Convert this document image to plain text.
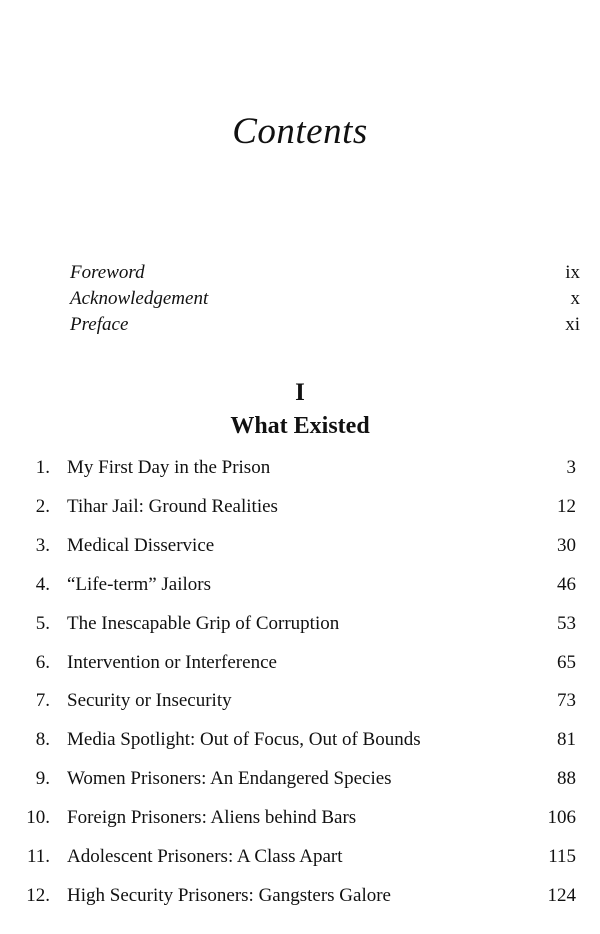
Contents
Foreword	ix
Acknowledgement	x
Preface	xi
I
What Existed
1. My First Day in the Prison	3
2. Tihar Jail: Ground Realities	12
3. Medical Disservice	30
4. “Life-term” Jailors	46
5. The Inescapable Grip of Corruption	53
6. Intervention or Interference	65
7. Security or Insecurity	73
8. Media Spotlight: Out of Focus, Out of Bounds	81
9. Women Prisoners: An Endangered Species	88
10. Foreign Prisoners: Aliens behind Bars	106
11. Adolescent Prisoners: A Class Apart	115
12. High Security Prisoners: Gangsters Galore	124
